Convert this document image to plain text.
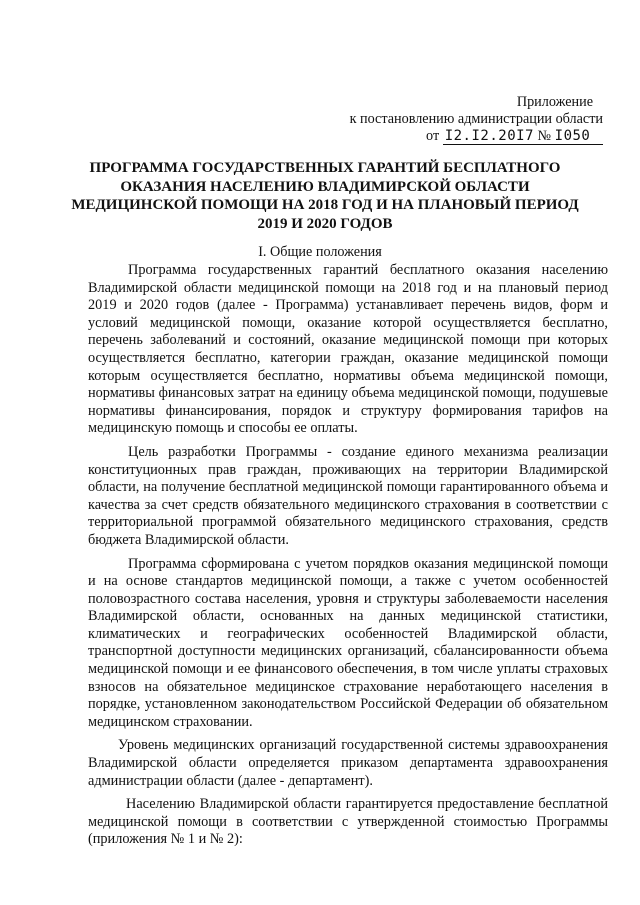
Приложение
к постановлению администрации области
от I2.I2.20I7 № I050
ПРОГРАММА ГОСУДАРСТВЕННЫХ ГАРАНТИЙ БЕСПЛАТНОГО ОКАЗАНИЯ НАСЕЛЕНИЮ ВЛАДИМИРСКОЙ ОБЛАСТИ МЕДИЦИНСКОЙ ПОМОЩИ НА 2018 ГОД И НА ПЛАНОВЫЙ ПЕРИОД 2019 И 2020 ГОДОВ
I. Общие положения

Программа государственных гарантий бесплатного оказания населению Владимирской области медицинской помощи на 2018 год и на плановый период 2019 и 2020 годов (далее - Программа) устанавливает перечень видов, форм и условий медицинской помощи, оказание которой осуществляется бесплатно, перечень заболеваний и состояний, оказание медицинской помощи при которых осуществляется бесплатно, категории граждан, оказание медицинской помощи которым осуществляется бесплатно, нормативы объема медицинской помощи, нормативы финансовых затрат на единицу объема медицинской помощи, подушевые нормативы финансирования, порядок и структуру формирования тарифов на медицинскую помощь и способы ее оплаты.

Цель разработки Программы - создание единого механизма реализации конституционных прав граждан, проживающих на территории Владимирской области, на получение бесплатной медицинской помощи гарантированного объема и качества за счет средств обязательного медицинского страхования в соответствии с территориальной программой обязательного медицинского страхования, средств бюджета Владимирской области.

Программа сформирована с учетом порядков оказания медицинской помощи и на основе стандартов медицинской помощи, а также с учетом особенностей половозрастного состава населения, уровня и структуры заболеваемости населения Владимирской области, основанных на данных медицинской статистики, климатических и географических особенностей Владимирской области, транспортной доступности медицинских организаций, сбалансированности объема медицинской помощи и ее финансового обеспечения, в том числе уплаты страховых взносов на обязательное медицинское страхование неработающего населения в порядке, установленном законодательством Российской Федерации об обязательном медицинском страховании.

Уровень медицинских организаций государственной системы здравоохранения Владимирской области определяется приказом департамента здравоохранения администрации области (далее - департамент).

Населению Владимирской области гарантируется предоставление бесплатной медицинской помощи в соответствии с утвержденной стоимостью Программы (приложения № 1 и № 2):
